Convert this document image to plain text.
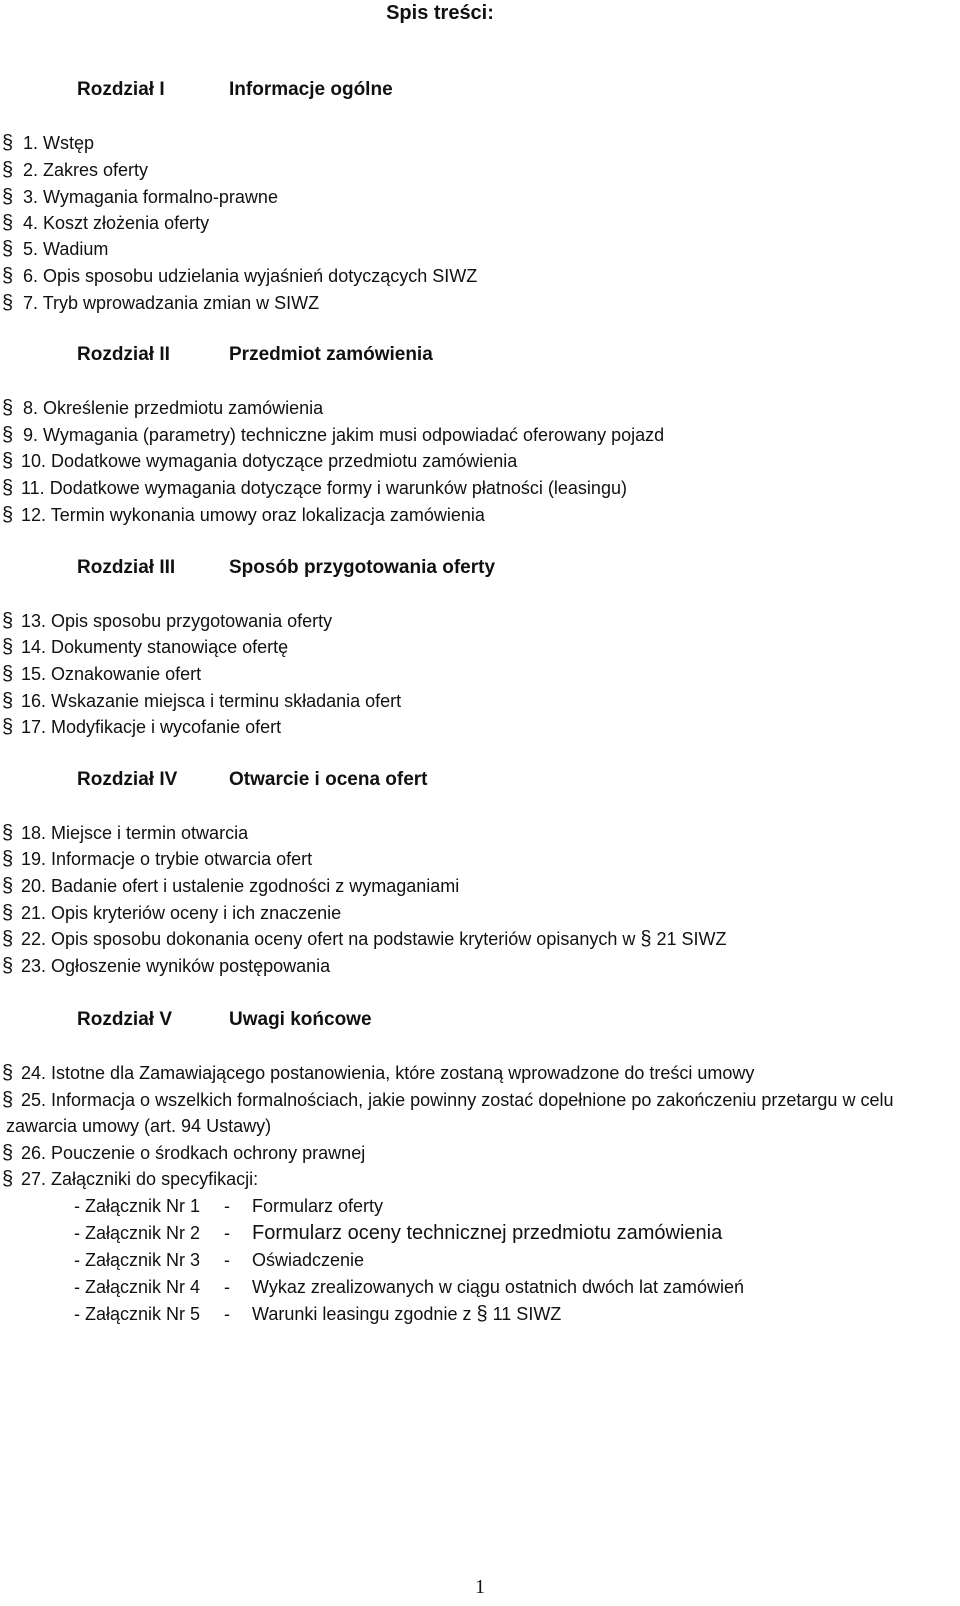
Spis treści:
Rozdział I	Informacje ogólne
§ 1. Wstęp
§ 2. Zakres oferty
§ 3. Wymagania formalno-prawne
§ 4. Koszt złożenia oferty
§ 5. Wadium
§ 6. Opis sposobu udzielania wyjaśnień dotyczących SIWZ
§ 7. Tryb wprowadzania zmian w SIWZ
Rozdział II	Przedmiot zamówienia
§ 8. Określenie przedmiotu zamówienia
§ 9. Wymagania (parametry) techniczne jakim musi odpowiadać oferowany pojazd
§ 10. Dodatkowe wymagania dotyczące przedmiotu zamówienia
§ 11. Dodatkowe wymagania dotyczące formy i warunków płatności (leasingu)
§ 12. Termin wykonania umowy oraz lokalizacja zamówienia
Rozdział III	Sposób przygotowania oferty
§ 13. Opis sposobu przygotowania oferty
§ 14. Dokumenty stanowiące ofertę
§ 15. Oznakowanie ofert
§ 16. Wskazanie miejsca i terminu składania ofert
§ 17. Modyfikacje i wycofanie ofert
Rozdział IV	Otwarcie i ocena ofert
§ 18. Miejsce i termin otwarcia
§ 19. Informacje o trybie otwarcia ofert
§ 20. Badanie ofert i ustalenie zgodności z wymaganiami
§ 21. Opis kryteriów oceny i ich znaczenie
§ 22. Opis sposobu dokonania oceny ofert na podstawie kryteriów opisanych w § 21 SIWZ
§ 23. Ogłoszenie wyników postępowania
Rozdział V	Uwagi końcowe
§ 24. Istotne dla Zamawiającego postanowienia, które zostaną wprowadzone do treści umowy
§ 25. Informacja o wszelkich formalnościach, jakie powinny zostać dopełnione po zakończeniu przetargu w celu
zawarcia umowy (art. 94 Ustawy)
§ 26. Pouczenie o środkach ochrony prawnej
§ 27. Załączniki do specyfikacji:
- Załącznik Nr 1 - Formularz oferty
- Załącznik Nr 2 - Formularz oceny technicznej przedmiotu zamówienia
- Załącznik Nr 3 - Oświadczenie
- Załącznik Nr 4 - Wykaz zrealizowanych w ciągu ostatnich dwóch lat zamówień
- Załącznik Nr 5 - Warunki leasingu zgodnie z § 11 SIWZ
1
